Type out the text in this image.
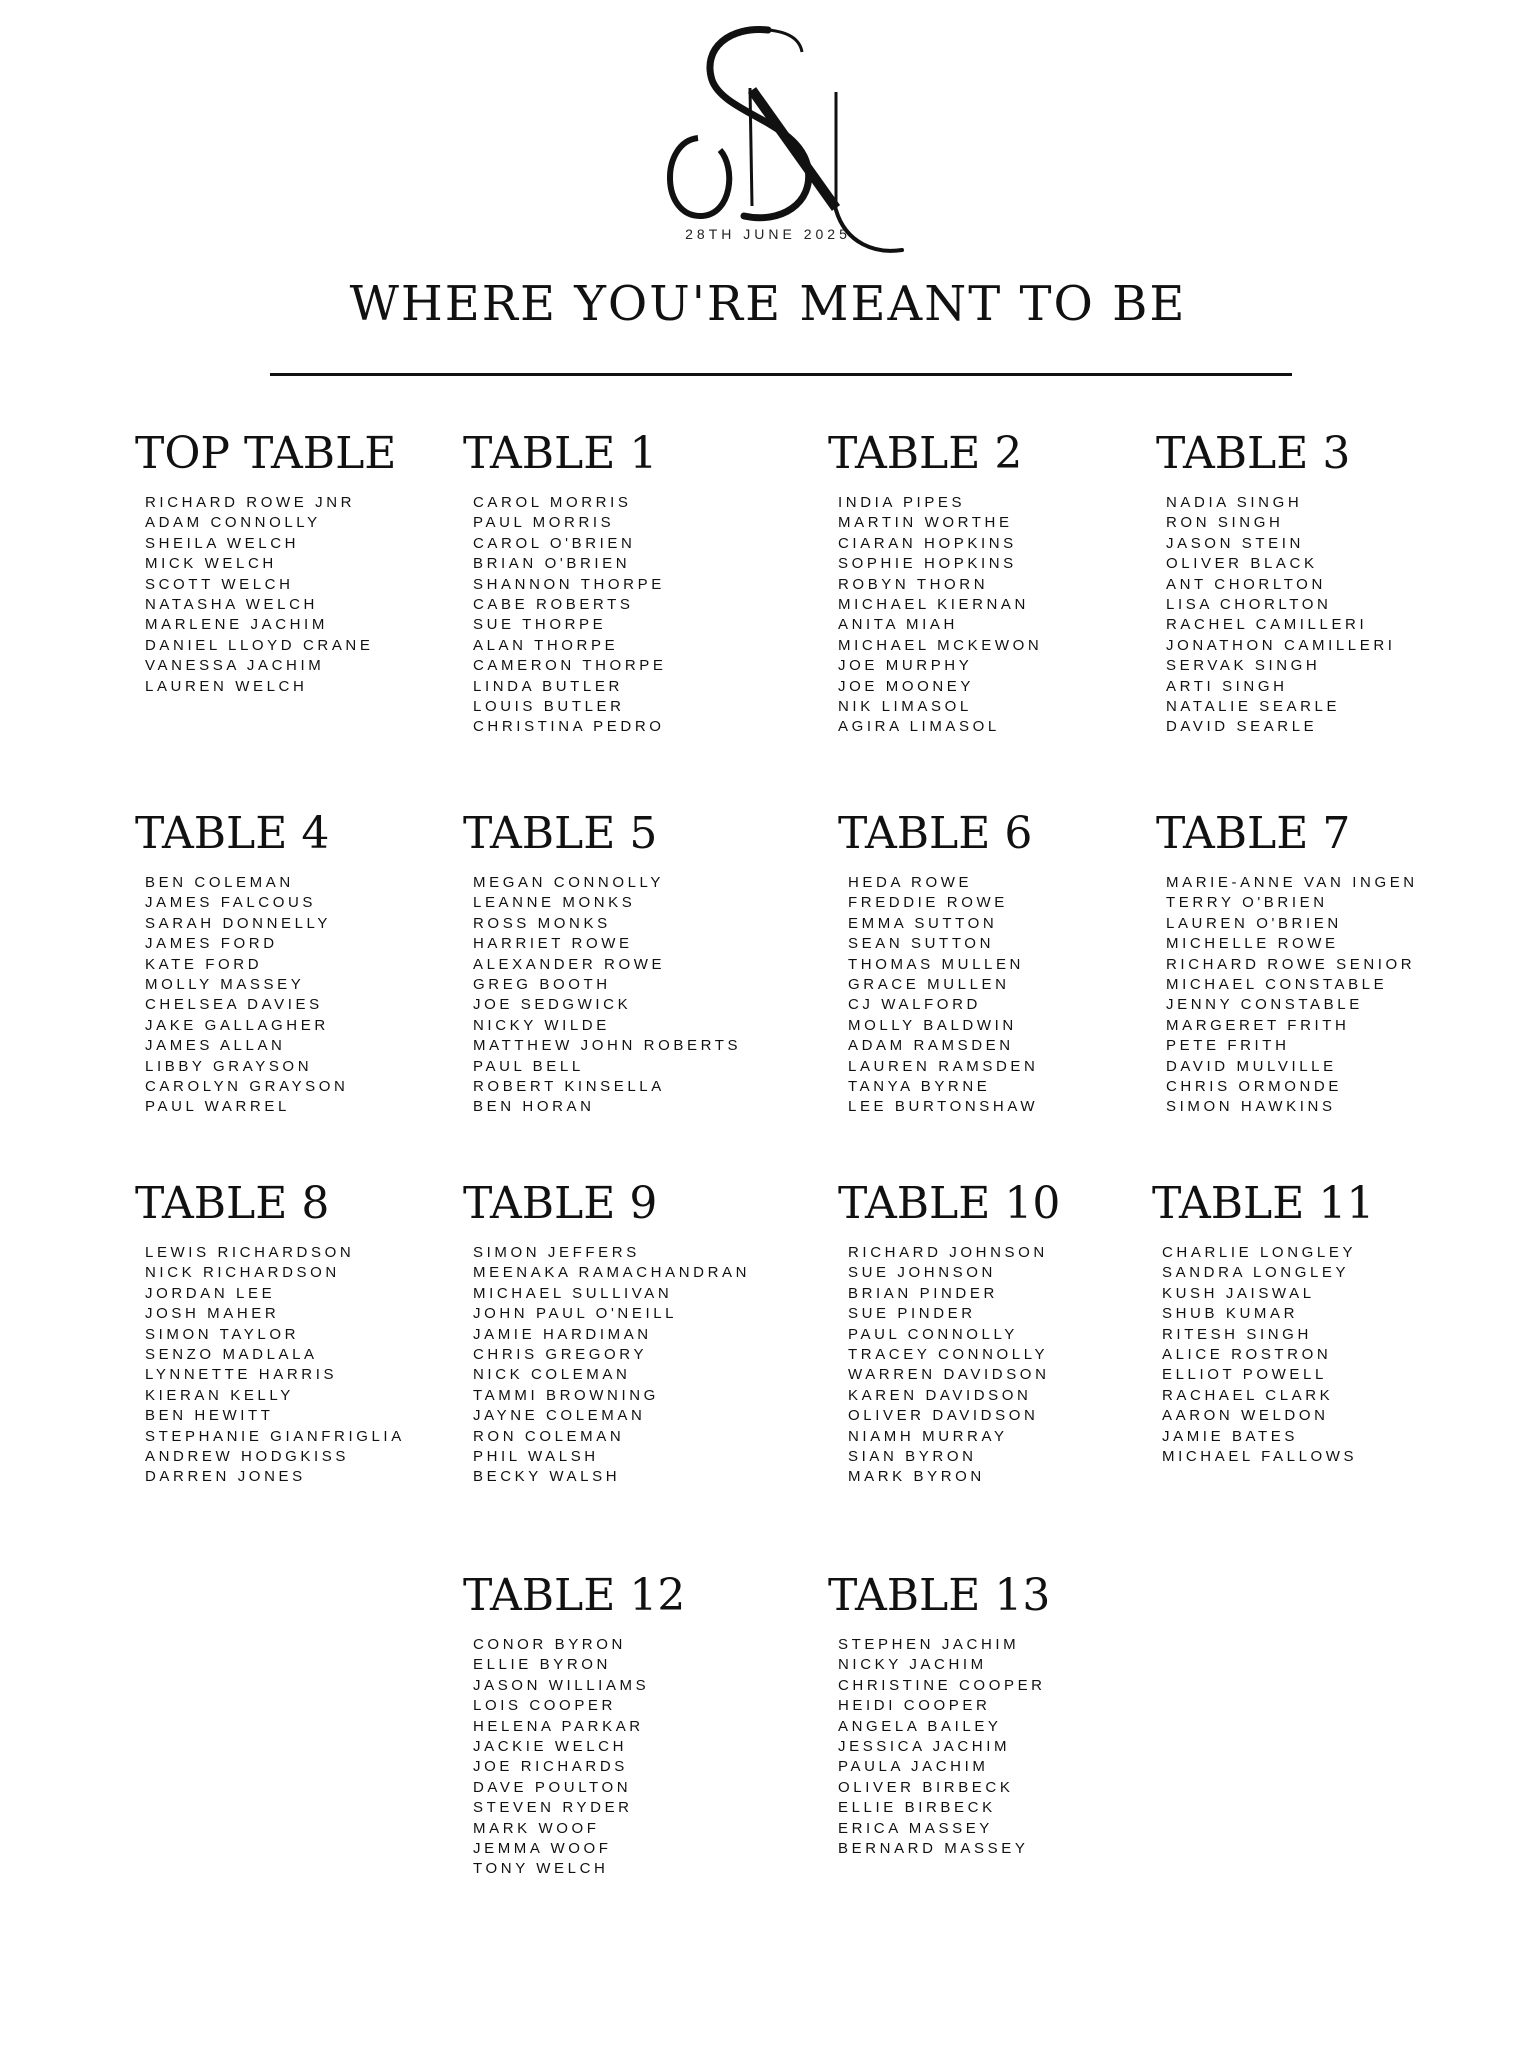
28TH JUNE 2025
WHERE YOU'RE MEANT TO BE
TOP TABLE
RICHARD ROWE JNR
ADAM CONNOLLY
SHEILA WELCH
MICK WELCH
SCOTT WELCH
NATASHA WELCH
MARLENE JACHIM
DANIEL LLOYD CRANE
VANESSA JACHIM
LAUREN WELCH
TABLE 1
CAROL MORRIS
PAUL MORRIS
CAROL O'BRIEN
BRIAN O'BRIEN
SHANNON THORPE
CABE ROBERTS
SUE THORPE
ALAN THORPE
CAMERON THORPE
LINDA BUTLER
LOUIS BUTLER
CHRISTINA PEDRO
TABLE 2
INDIA PIPES
MARTIN WORTHE
CIARAN HOPKINS
SOPHIE HOPKINS
ROBYN THORN
MICHAEL KIERNAN
ANITA MIAH
MICHAEL MCKEWON
JOE MURPHY
JOE MOONEY
NIK LIMASOL
AGIRA LIMASOL
TABLE 3
NADIA SINGH
RON SINGH
JASON STEIN
OLIVER BLACK
ANT CHORLTON
LISA CHORLTON
RACHEL CAMILLERI
JONATHON CAMILLERI
SERVAK SINGH
ARTI SINGH
NATALIE SEARLE
DAVID SEARLE
TABLE 4
BEN COLEMAN
JAMES FALCOUS
SARAH DONNELLY
JAMES FORD
KATE FORD
MOLLY MASSEY
CHELSEA DAVIES
JAKE GALLAGHER
JAMES ALLAN
LIBBY GRAYSON
CAROLYN GRAYSON
PAUL WARREL
TABLE 5
MEGAN CONNOLLY
LEANNE MONKS
ROSS MONKS
HARRIET ROWE
ALEXANDER ROWE
GREG BOOTH
JOE SEDGWICK
NICKY WILDE
MATTHEW JOHN ROBERTS
PAUL BELL
ROBERT KINSELLA
BEN HORAN
TABLE 6
HEDA ROWE
FREDDIE ROWE
EMMA SUTTON
SEAN SUTTON
THOMAS MULLEN
GRACE MULLEN
CJ WALFORD
MOLLY BALDWIN
ADAM RAMSDEN
LAUREN RAMSDEN
TANYA BYRNE
LEE BURTONSHAW
TABLE 7
MARIE-ANNE VAN INGEN
TERRY O'BRIEN
LAUREN O'BRIEN
MICHELLE ROWE
RICHARD ROWE SENIOR
MICHAEL CONSTABLE
JENNY CONSTABLE
MARGERET FRITH
PETE FRITH
DAVID MULVILLE
CHRIS ORMONDE
SIMON HAWKINS
TABLE 8
LEWIS RICHARDSON
NICK RICHARDSON
JORDAN LEE
JOSH MAHER
SIMON TAYLOR
SENZO MADLALA
LYNNETTE HARRIS
KIERAN KELLY
BEN HEWITT
STEPHANIE GIANFRIGLIA
ANDREW HODGKISS
DARREN JONES
TABLE 9
SIMON JEFFERS
MEENAKA RAMACHANDRAN
MICHAEL SULLIVAN
JOHN PAUL O'NEILL
JAMIE HARDIMAN
CHRIS GREGORY
NICK COLEMAN
TAMMI BROWNING
JAYNE COLEMAN
RON COLEMAN
PHIL WALSH
BECKY WALSH
TABLE 10
RICHARD JOHNSON
SUE JOHNSON
BRIAN PINDER
SUE PINDER
PAUL CONNOLLY
TRACEY CONNOLLY
WARREN DAVIDSON
KAREN DAVIDSON
OLIVER DAVIDSON
NIAMH MURRAY
SIAN BYRON
MARK BYRON
TABLE 11
CHARLIE LONGLEY
SANDRA LONGLEY
KUSH JAISWAL
SHUB KUMAR
RITESH SINGH
ALICE ROSTRON
ELLIOT POWELL
RACHAEL CLARK
AARON WELDON
JAMIE BATES
MICHAEL FALLOWS
TABLE 12
CONOR BYRON
ELLIE BYRON
JASON WILLIAMS
LOIS COOPER
HELENA PARKAR
JACKIE WELCH
JOE RICHARDS
DAVE POULTON
STEVEN RYDER
MARK WOOF
JEMMA WOOF
TONY WELCH
TABLE 13
STEPHEN JACHIM
NICKY JACHIM
CHRISTINE COOPER
HEIDI COOPER
ANGELA BAILEY
JESSICA JACHIM
PAULA JACHIM
OLIVER BIRBECK
ELLIE BIRBECK
ERICA MASSEY
BERNARD MASSEY
